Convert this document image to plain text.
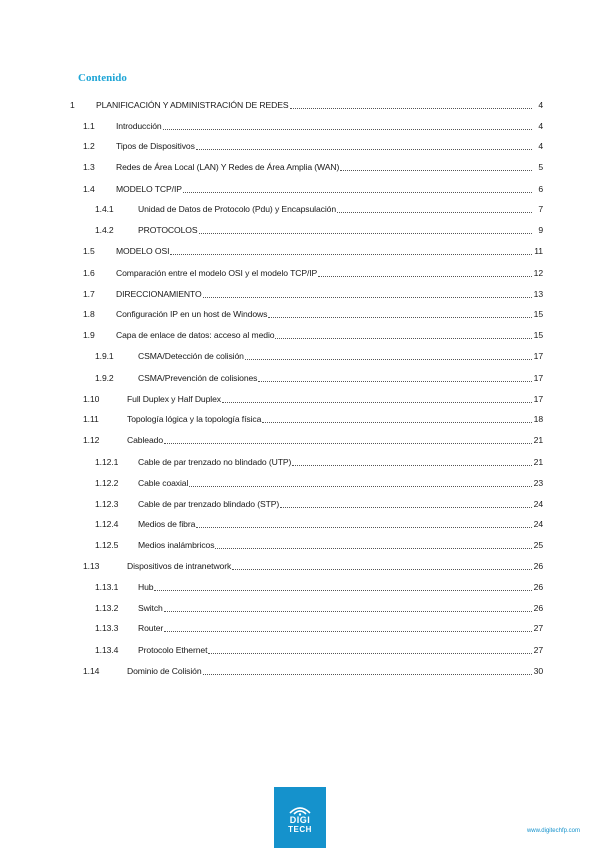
Contenido
1	PLANIFICACIÓN Y ADMINISTRACIÓN DE REDES	4
1.1	Introducción	4
1.2	Tipos de Dispositivos	4
1.3	Redes de Área Local (LAN) Y Redes de Área Amplia (WAN)	5
1.4	MODELO TCP/IP	6
1.4.1	Unidad de Datos de Protocolo (Pdu) y Encapsulación	7
1.4.2	PROTOCOLOS	9
1.5	MODELO OSI	11
1.6	Comparación entre el modelo OSI y el modelo TCP/IP	12
1.7	DIRECCIONAMIENTO	13
1.8	Configuración IP en un host de Windows	15
1.9	Capa de enlace de datos: acceso al medio	15
1.9.1	CSMA/Detección de colisión	17
1.9.2	CSMA/Prevención de colisiones	17
1.10	Full Duplex y Half Duplex	17
1.11	Topología lógica y la topología física	18
1.12	Cableado	21
1.12.1	Cable de par trenzado no blindado (UTP)	21
1.12.2	Cable coaxial	23
1.12.3	Cable de par trenzado blindado (STP)	24
1.12.4	Medios de fibra	24
1.12.5	Medios inalámbricos	25
1.13	Dispositivos de intranetwork	26
1.13.1	Hub	26
1.13.2	Switch	26
1.13.3	Router	27
1.13.4	Protocolo Ethernet	27
1.14	Dominio de Colisión	30
DIGI
TECH	www.digitechfp.com
